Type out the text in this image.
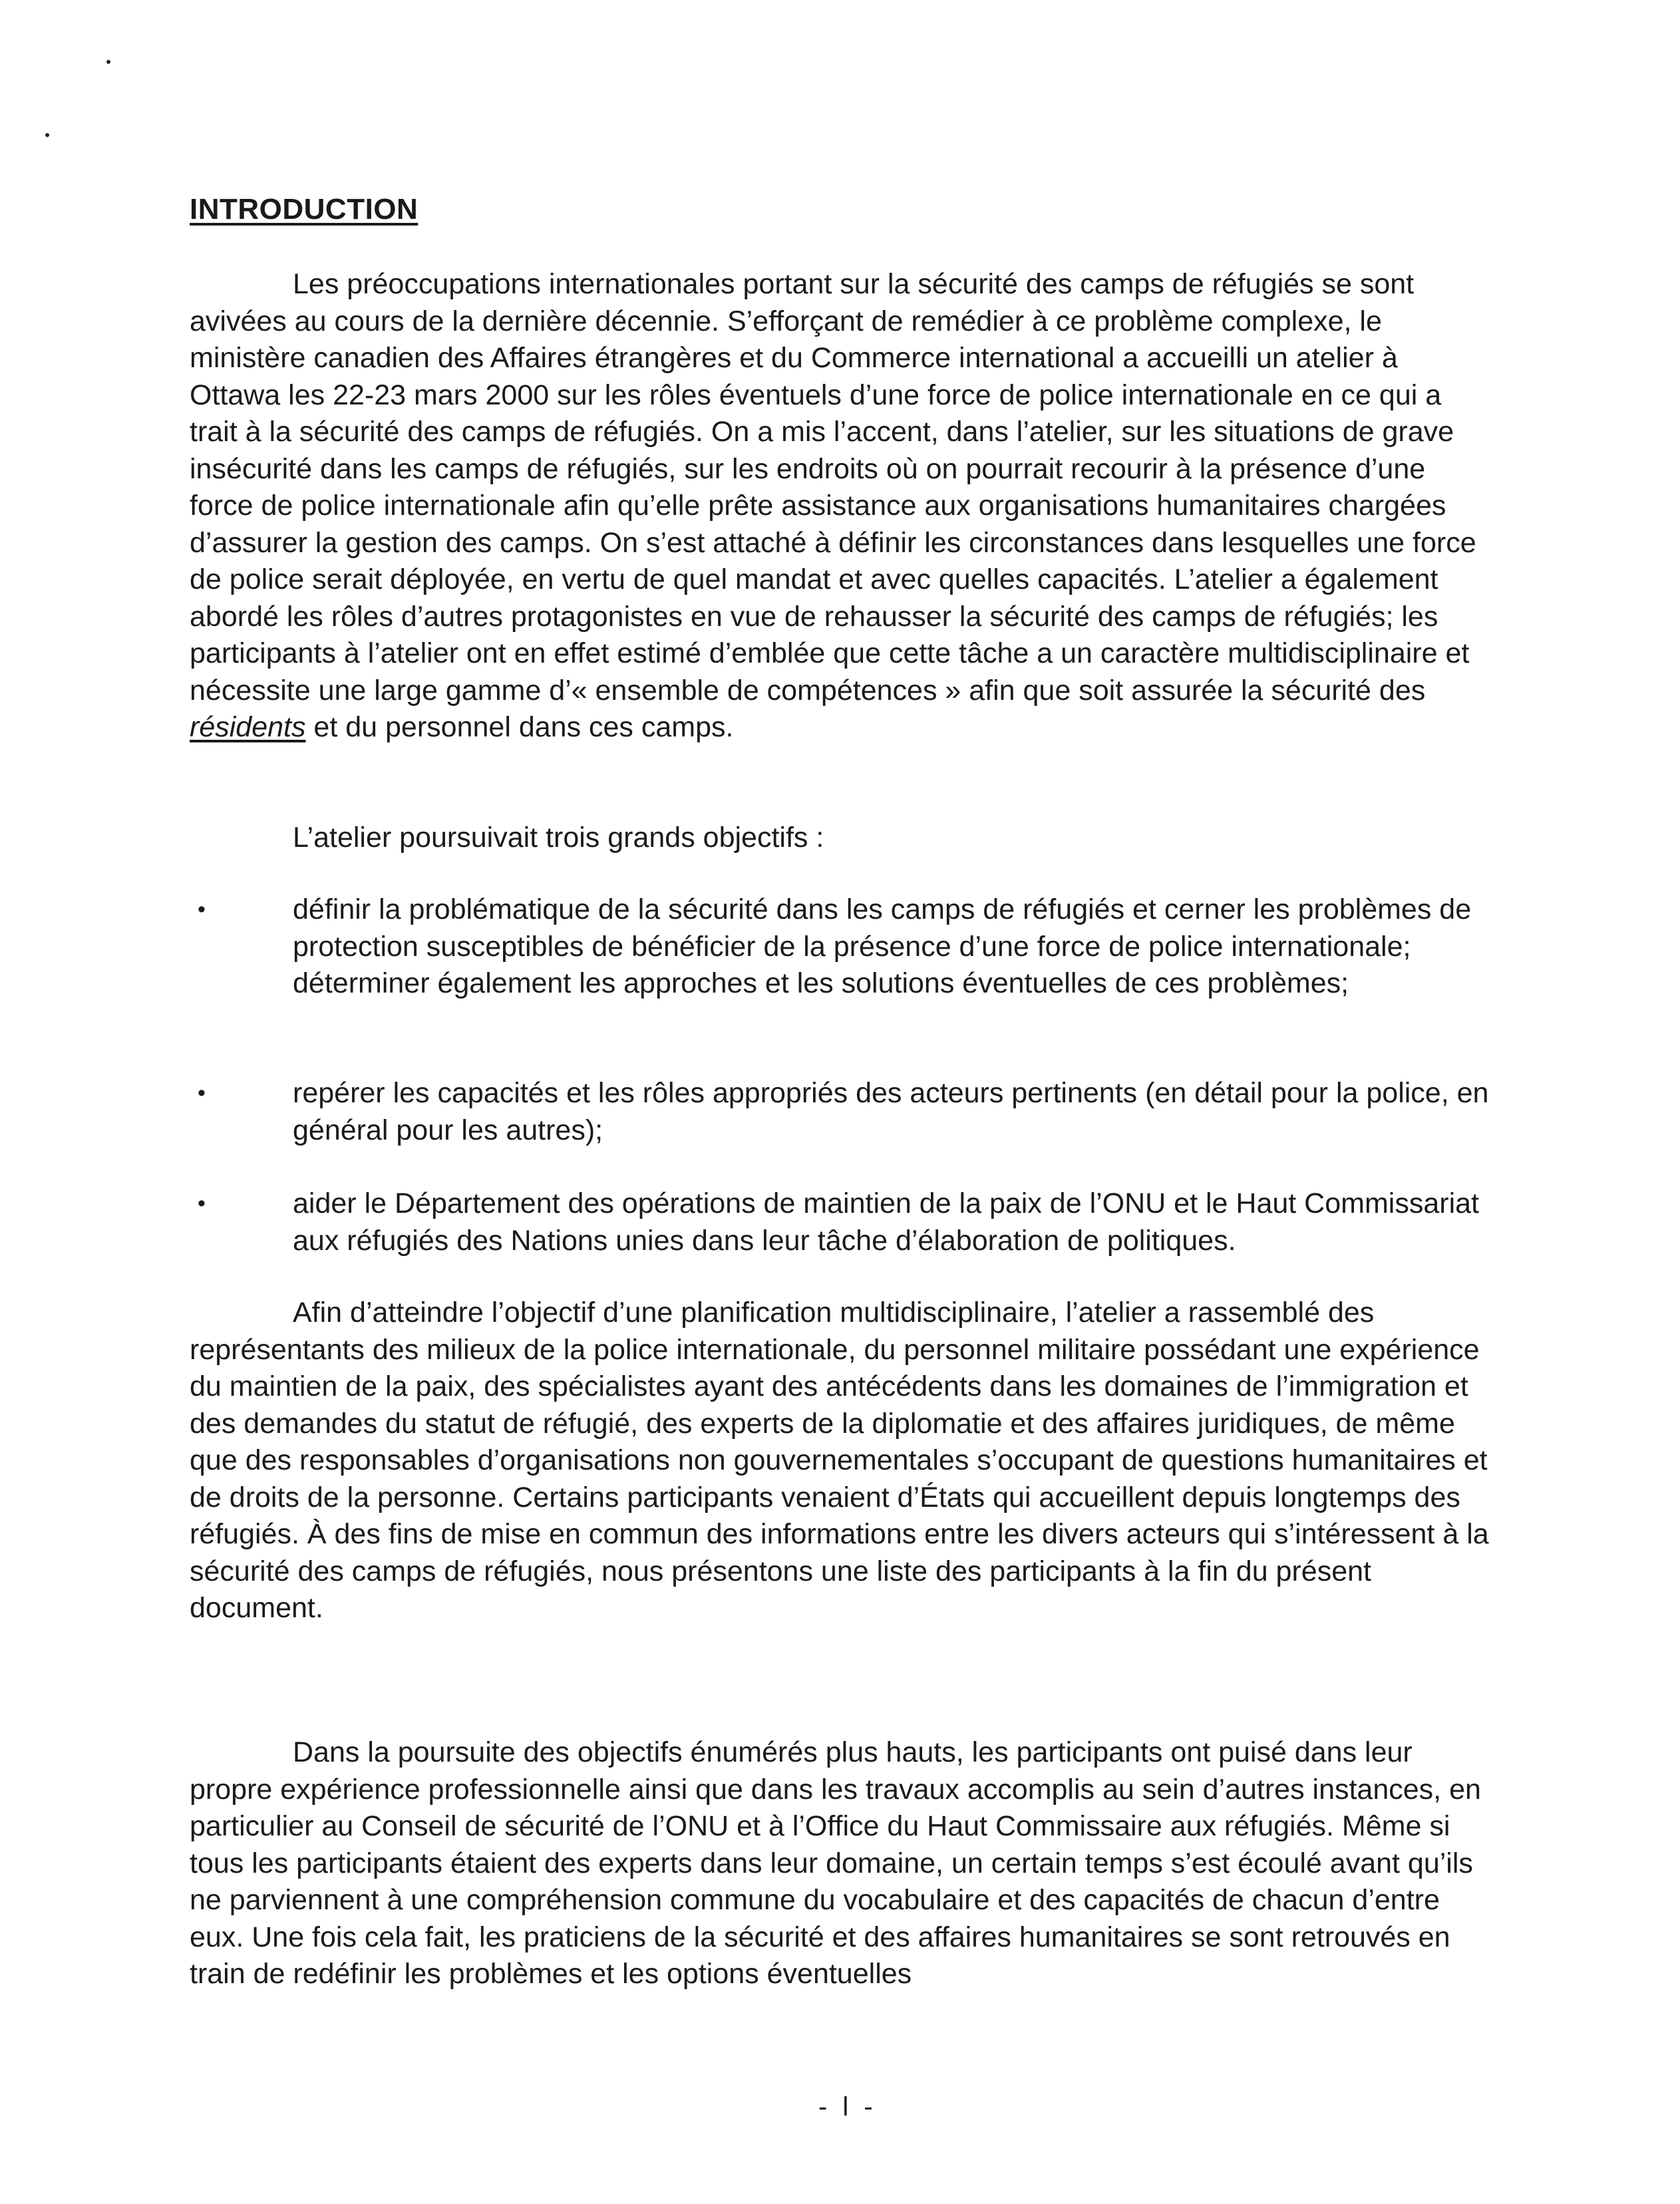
INTRODUCTION

Les préoccupations internationales portant sur la sécurité des camps de réfugiés se sont avivées au cours de la dernière décennie. S’efforçant de remédier à ce problème complexe, le ministère canadien des Affaires étrangères et du Commerce international a accueilli un atelier à Ottawa les 22-23 mars 2000 sur les rôles éventuels d’une force de police internationale en ce qui a trait à la sécurité des camps de réfugiés. On a mis l’accent, dans l’atelier, sur les situations de grave insécurité dans les camps de réfugiés, sur les endroits où on pourrait recourir à la présence d’une force de police internationale afin qu’elle prête assistance aux organisations humanitaires chargées d’assurer la gestion des camps. On s’est attaché à définir les circonstances dans lesquelles une force de police serait déployée, en vertu de quel mandat et avec quelles capacités. L’atelier a également abordé les rôles d’autres protagonistes en vue de rehausser la sécurité des camps de réfugiés; les participants à l’atelier ont en effet estimé d’emblée que cette tâche a un caractère multidisciplinaire et nécessite une large gamme d’« ensemble de compétences » afin que soit assurée la sécurité des résidents et du personnel dans ces camps.

L’atelier poursuivait trois grands objectifs :

•	définir la problématique de la sécurité dans les camps de réfugiés et cerner les problèmes de protection susceptibles de bénéficier de la présence d’une force de police internationale; déterminer également les approches et les solutions éventuelles de ces problèmes;
•	repérer les capacités et les rôles appropriés des acteurs pertinents (en détail pour la police, en général pour les autres);
•	aider le Département des opérations de maintien de la paix de l’ONU et le Haut Commissariat aux réfugiés des Nations unies dans leur tâche d’élaboration de politiques.

Afin d’atteindre l’objectif d’une planification multidisciplinaire, l’atelier a rassemblé des représentants des milieux de la police internationale, du personnel militaire possédant une expérience du maintien de la paix, des spécialistes ayant des antécédents dans les domaines de l’immigration et des demandes du statut de réfugié, des experts de la diplomatie et des affaires juridiques, de même que des responsables d’organisations non gouvernementales s’occupant de questions humanitaires et de droits de la personne. Certains participants venaient d’États qui accueillent depuis longtemps des réfugiés. À des fins de mise en commun des informations entre les divers acteurs qui s’intéressent à la sécurité des camps de réfugiés, nous présentons une liste des participants à la fin du présent document.

Dans la poursuite des objectifs énumérés plus hauts, les participants ont puisé dans leur propre expérience professionnelle ainsi que dans les travaux accomplis au sein d’autres instances, en particulier au Conseil de sécurité de l’ONU et à l’Office du Haut Commissaire aux réfugiés. Même si tous les participants étaient des experts dans leur domaine, un certain temps s’est écoulé avant qu’ils ne parviennent à une compréhension commune du vocabulaire et des capacités de chacun d’entre eux. Une fois cela fait, les praticiens de la sécurité et des affaires humanitaires se sont retrouvés en train de redéfinir les problèmes et les options éventuelles

- l -
